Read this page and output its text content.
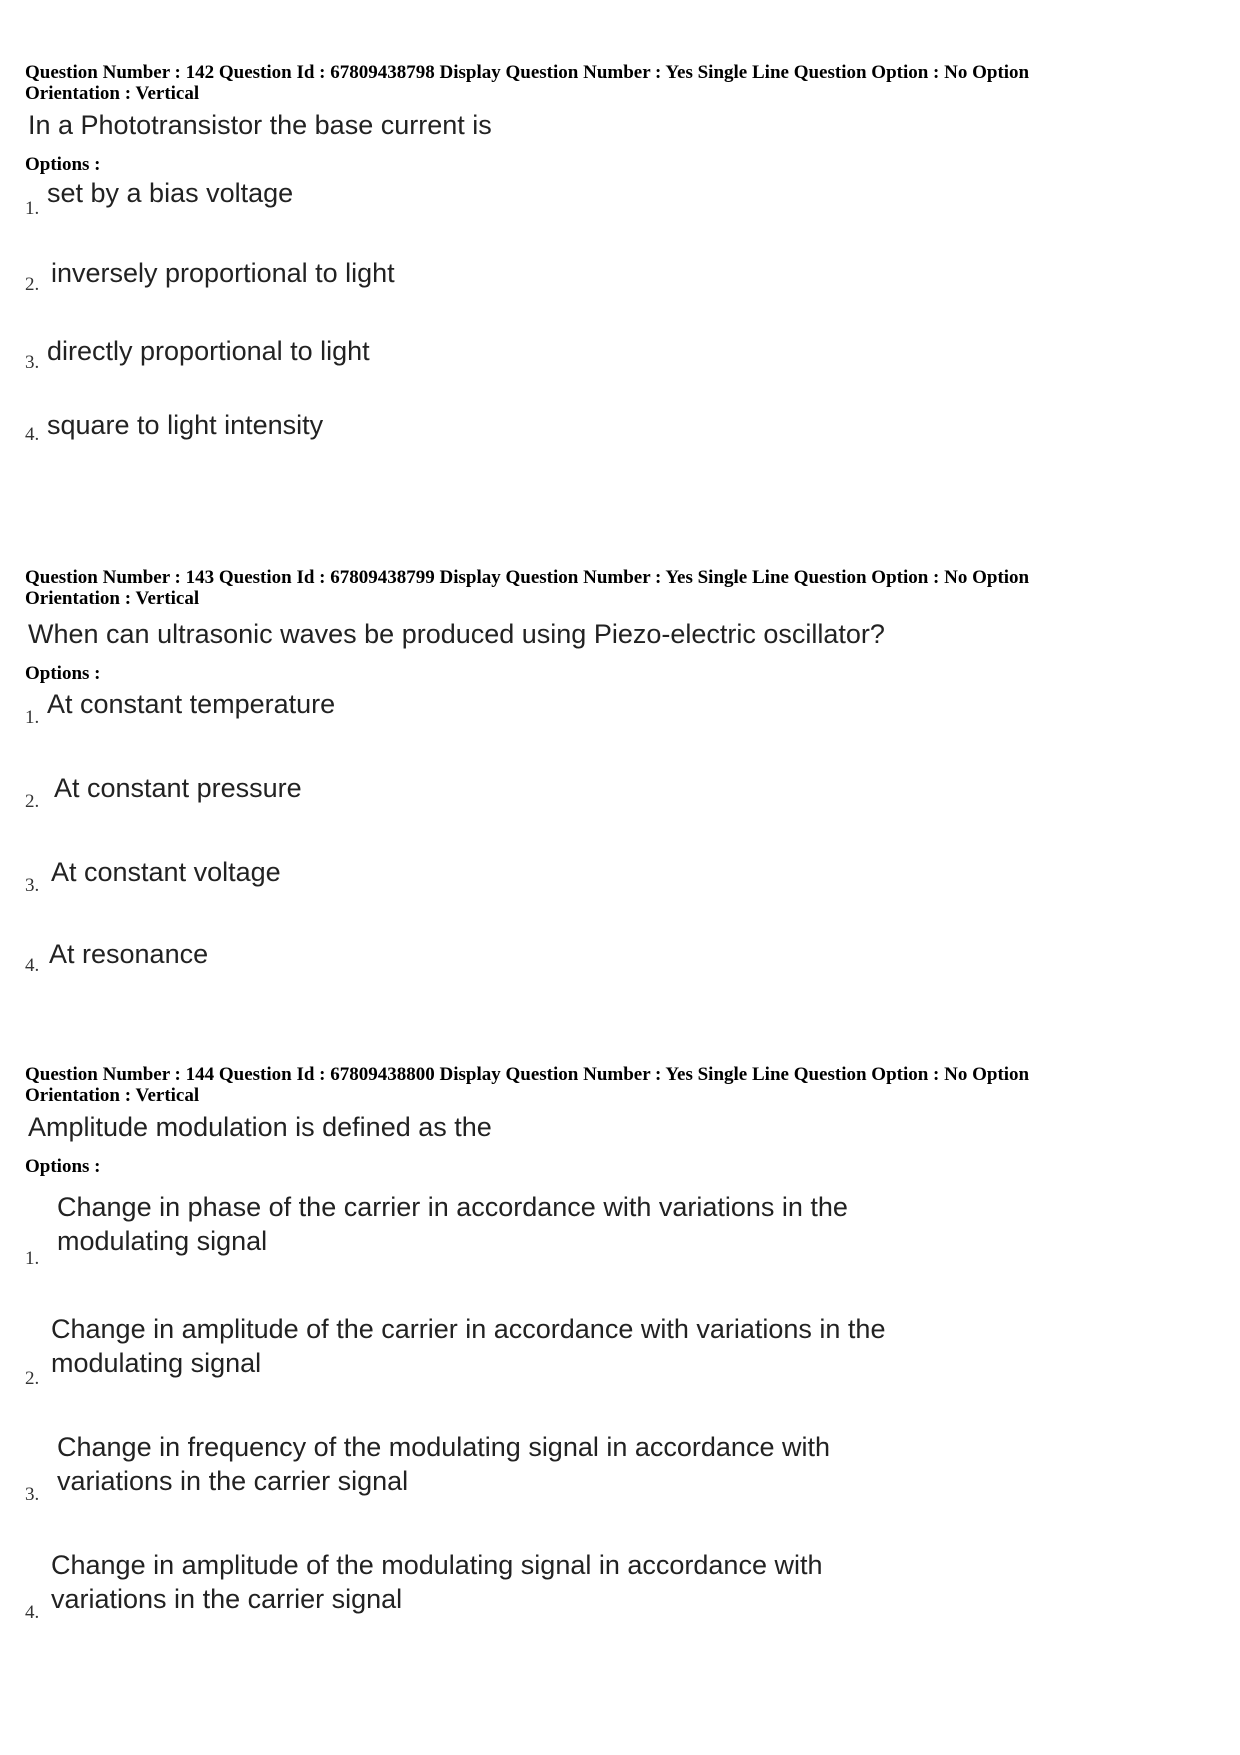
Question Number : 142 Question Id : 67809438798 Display Question Number : Yes Single Line Question Option : No Option
Orientation : Vertical
In a Phototransistor the base current is
Options :
1.
set by a bias voltage
2. inversely proportional to light
3. directly proportional to light
4. square to light intensity
Question Number : 143 Question Id : 67809438799 Display Question Number : Yes Single Line Question Option : No Option
Orientation : Vertical
When can ultrasonic waves be produced using Piezo-electric oscillator?
Options :
1. At constant temperature
2. At constant pressure
3. At constant voltage
4. At resonance
Question Number : 144 Question Id : 67809438800 Display Question Number : Yes Single Line Question Option : No Option
Orientation : Vertical
Amplitude modulation is defined as the
Options :
1.
Change in phase of the carrier in accordance with variations in the modulating signal
2.
Change in amplitude of the carrier in accordance with variations in the modulating signal
3.
Change in frequency of the modulating signal in accordance with variations in the carrier signal
4.
Change in amplitude of the modulating signal in accordance with variations in the carrier signal
